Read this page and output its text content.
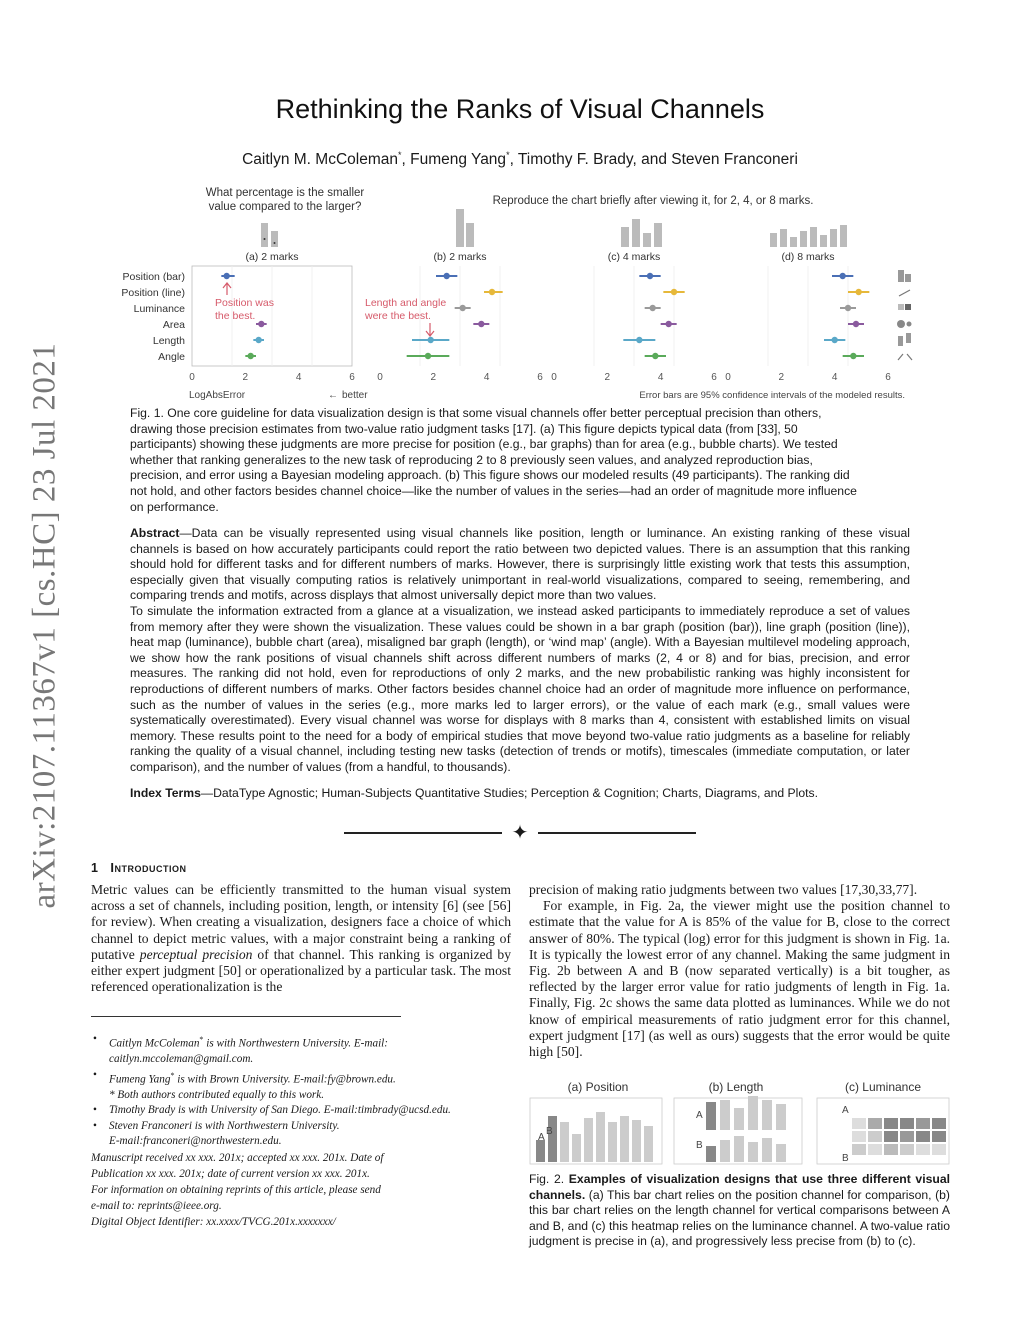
arXiv:2107.11367v1 [cs.HC] 23 Jul 2021
Rethinking the Ranks of Visual Channels
Caitlyn M. McColeman*, Fumeng Yang*, Timothy F. Brady, and Steven Franconeri
What percentage is the smaller
value compared to the larger?	Reproduce the chart briefly after viewing it, for 2, 4, or 8 marks.
Position (bar)
Position (line)
Luminance
Area
Length
Angle
(a) 2 marks
0	2	4	6
(b) 2 marks
0	2	4	6
(c) 4 marks
0	2	4	6
(d) 8 marks
0	2	4	6
LogAbsError	← better	Error bars are 95% confidence intervals of the modeled results.
Position was
the best.
Length and angle
were the best.
Fig. 1. One core guideline for data visualization design is that some visual channels offer better perceptual precision than others,
drawing those precision estimates from two-value ratio judgment tasks [17]. (a) This figure depicts typical data (from [33], 50
participants) showing these judgments are more precise for position (e.g., bar graphs) than for area (e.g., bubble charts). We tested
whether that ranking generalizes to the new task of reproducing 2 to 8 previously seen values, and analyzed reproduction bias,
precision, and error using a Bayesian modeling approach. (b) This figure shows our modeled results (49 participants). The ranking did
not hold, and other factors besides channel choice—like the number of values in the series—had an order of magnitude more influence
on performance.
Abstract—Data can be visually represented using visual channels like position, length or luminance. An existing ranking of these visual channels is based on how accurately participants could report the ratio between two depicted values. There is an assumption that this ranking should hold for different tasks and for different numbers of marks. However, there is surprisingly little existing work that tests this assumption, especially given that visually computing ratios is relatively unimportant in real-world visualizations, compared to seeing, remembering, and comparing trends and motifs, across displays that almost universally depict more than two values.
To simulate the information extracted from a glance at a visualization, we instead asked participants to immediately reproduce a set of values from memory after they were shown the visualization. These values could be shown in a bar graph (position (bar)), line graph (position (line)), heat map (luminance), bubble chart (area), misaligned bar graph (length), or ‘wind map’ (angle). With a Bayesian multilevel modeling approach, we show how the rank positions of visual channels shift across different numbers of marks (2, 4 or 8) and for bias, precision, and error measures. The ranking did not hold, even for reproductions of only 2 marks, and the new probabilistic ranking was highly inconsistent for reproductions of different numbers of marks. Other factors besides channel choice had an order of magnitude more influence on performance, such as the number of values in the series (e.g., more marks led to larger errors), or the value of each mark (e.g., small values were systematically overestimated). Every visual channel was worse for displays with 8 marks than 4, consistent with established limits on visual memory. These results point to the need for a body of empirical studies that move beyond two-value ratio judgments as a baseline for reliably ranking the quality of a visual channel, including testing new tasks (detection of trends or motifs), timescales (immediate computation, or later comparison), and the number of values (from a handful, to thousands).
Index Terms—DataType Agnostic; Human-Subjects Quantitative Studies; Perception & Cognition; Charts, Diagrams, and Plots.
✦
1 Introduction

Metric values can be efficiently transmitted to the human visual system across a set of channels, including position, length, or intensity [6] (see [56] for review). When creating a visualization, designers face a choice of which channel to depict metric values, with a major constraint being a ranking of putative perceptual precision of that channel. This ranking is organized by either expert judgment [50] or operationalized by a particular task. The most referenced operationalization is the

precision of making ratio judgments between two values [17,30,33,77].

For example, in Fig. 2a, the viewer might use the position channel to estimate that the value for A is 85% of the value for B, close to the correct answer of 80%. The typical (log) error for this judgment is shown in Fig. 1a. It is typically the lowest error of any channel. Making the same judgment in Fig. 2b between A and B (now separated vertically) is a bit tougher, as reflected by the larger error value for ratio judgments of length in Fig. 1a. Finally, Fig. 2c shows the same data plotted as luminances. While we do not know of empirical measurements of ratio judgment error for this channel, expert judgment [17] (as well as ours) suggests that the error would be quite high [50].

• Caitlyn McColeman* is with Northwestern University. E-mail:
caitlyn.mccoleman@gmail.com.
• Fumeng Yang* is with Brown University. E-mail:fy@brown.edu.
* Both authors contributed equally to this work.
• Timothy Brady is with University of San Diego. E-mail:timbrady@ucsd.edu.
• Steven Franconeri is with Northwestern University.
E-mail:franconeri@northwestern.edu.
Manuscript received xx xxx. 201x; accepted xx xxx. 201x. Date of
Publication xx xxx. 201x; date of current version xx xxx. 201x.
For information on obtaining reprints of this article, please send
e-mail to: reprints@ieee.org.
Digital Object Identifier: xx.xxxx/TVCG.201x.xxxxxxx/
(a) Position	(b) Length	(c) Luminance
A
B
A
B
A
B
Fig. 2. Examples of visualization designs that use three different visual channels. (a) This bar chart relies on the position channel for comparison, (b) this bar chart relies on the length channel for vertical comparisons between A and B, and (c) this heatmap relies on the luminance channel. A two-value ratio judgment is precise in (a), and progressively less precise from (b) to (c).
